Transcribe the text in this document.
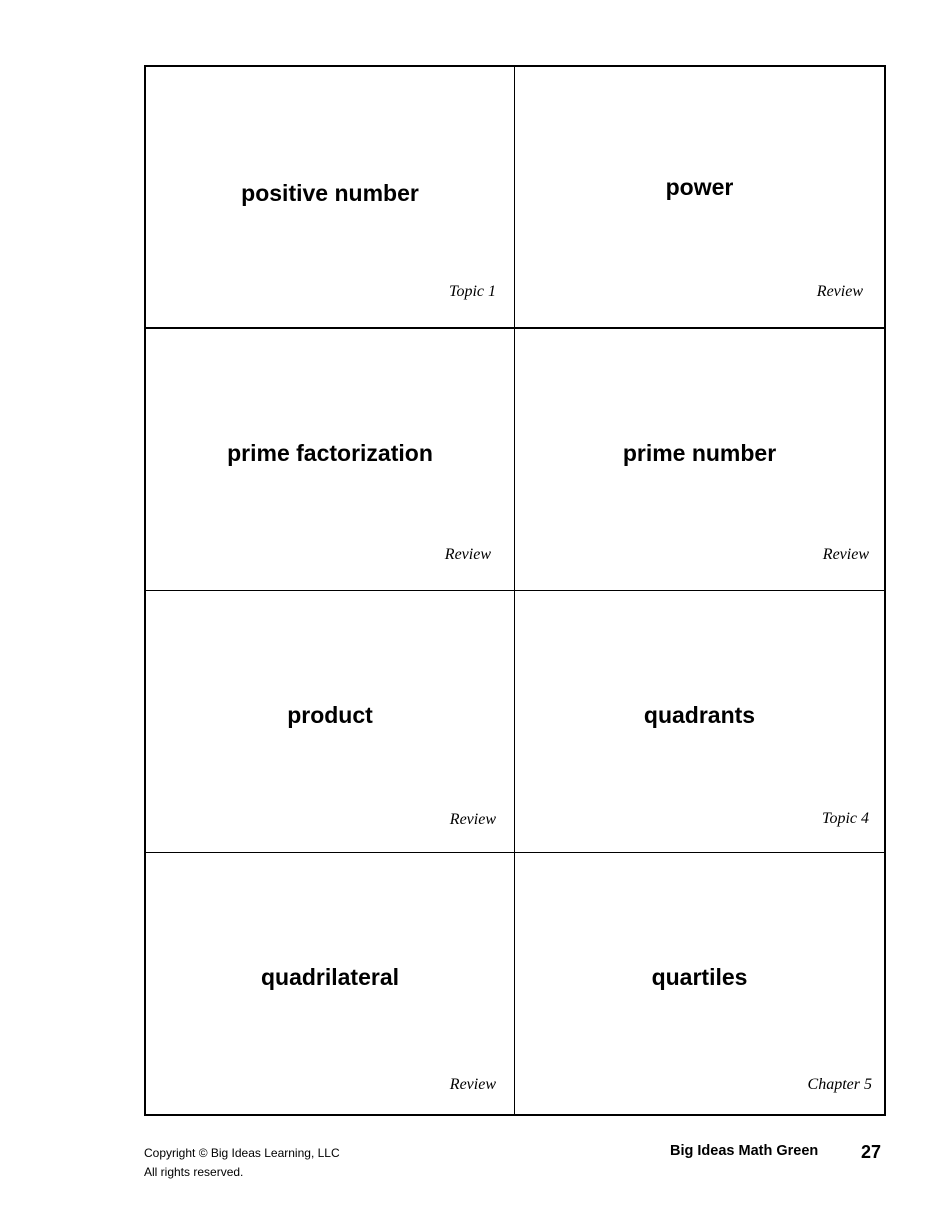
positive number
Topic 1
power
Review
prime factorization
Review
prime number
Review
product
Review
quadrants
Topic 4
quadrilateral
Review
quartiles
Chapter 5
Copyright © Big Ideas Learning, LLC
All rights reserved.
Big Ideas Math Green 27
